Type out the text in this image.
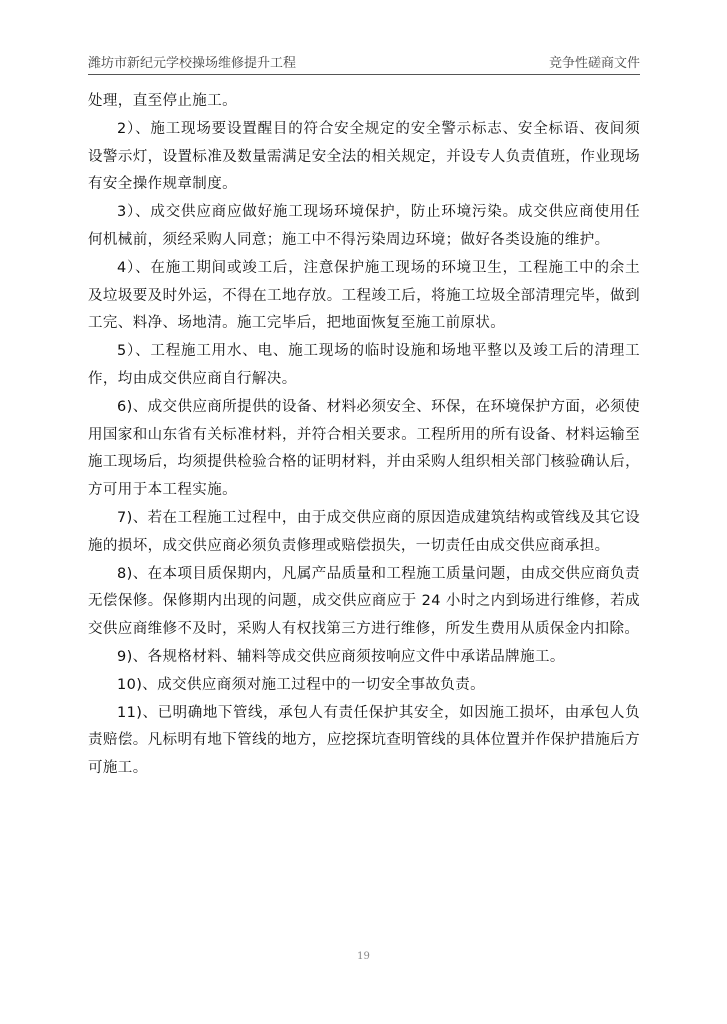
潍坊市新纪元学校操场维修提升工程	竞争性磋商文件

处理，直至停止施工。

2）、施工现场要设置醒目的符合安全规定的安全警示标志、安全标语、夜间须设警示灯，设置标准及数量需满足安全法的相关规定，并设专人负责值班，作业现场有安全操作规章制度。

3）、成交供应商应做好施工现场环境保护，防止环境污染。成交供应商使用任何机械前，须经采购人同意；施工中不得污染周边环境；做好各类设施的维护。

4）、在施工期间或竣工后，注意保护施工现场的环境卫生，工程施工中的余土及垃圾要及时外运，不得在工地存放。工程竣工后，将施工垃圾全部清理完毕，做到工完、料净、场地清。施工完毕后，把地面恢复至施工前原状。

5）、工程施工用水、电、施工现场的临时设施和场地平整以及竣工后的清理工作，均由成交供应商自行解决。

6)、成交供应商所提供的设备、材料必须安全、环保，在环境保护方面，必须使用国家和山东省有关标准材料，并符合相关要求。工程所用的所有设备、材料运输至施工现场后，均须提供检验合格的证明材料，并由采购人组织相关部门核验确认后，方可用于本工程实施。

7)、若在工程施工过程中，由于成交供应商的原因造成建筑结构或管线及其它设施的损坏，成交供应商必须负责修理或赔偿损失，一切责任由成交供应商承担。

8)、在本项目质保期内，凡属产品质量和工程施工质量问题，由成交供应商负责无偿保修。保修期内出现的问题，成交供应商应于 24 小时之内到场进行维修，若成交供应商维修不及时，采购人有权找第三方进行维修，所发生费用从质保金内扣除。

9)、各规格材料、辅料等成交供应商须按响应文件中承诺品牌施工。

10)、成交供应商须对施工过程中的一切安全事故负责。

11)、已明确地下管线，承包人有责任保护其安全，如因施工损坏，由承包人负责赔偿。凡标明有地下管线的地方，应挖探坑查明管线的具体位置并作保护措施后方可施工。

19
